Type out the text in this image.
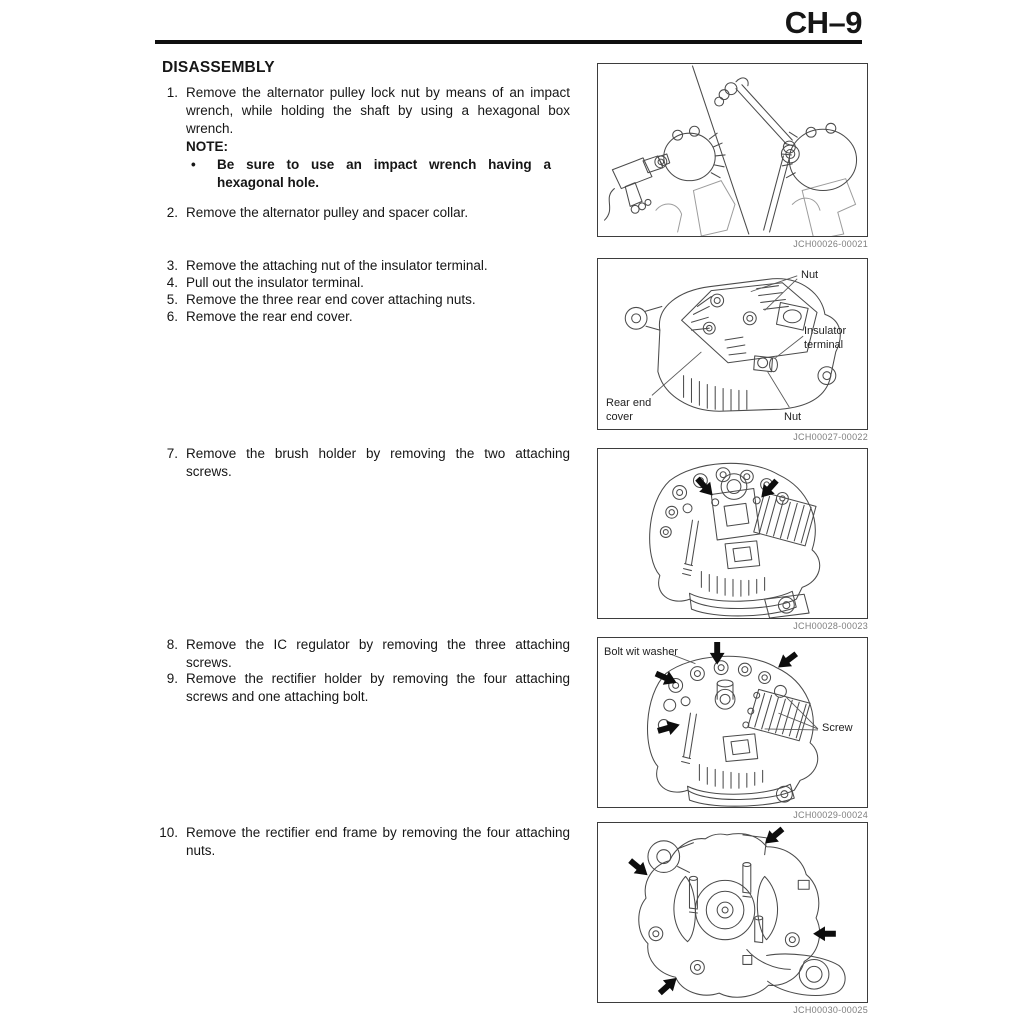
CH–9
DISASSEMBLY
1. Remove the alternator pulley lock nut by means of an impact wrench, while holding the shaft by using a hexagonal box wrench.
NOTE:
•	Be sure to use an impact wrench having a hexagonal hole.
2. Remove the alternator pulley and spacer collar.
3. Remove the attaching nut of the insulator terminal.
4. Pull out the insulator terminal.
5. Remove the three rear end cover attaching nuts.
6. Remove the rear end cover.
7. Remove the brush holder by removing the two attaching screws.
8. Remove the IC regulator by removing the three attaching screws.
9. Remove the rectifier holder by removing the four attaching screws and one attaching bolt.
10. Remove the rectifier end frame by removing the four attaching nuts.
JCH00026-00021
Nut
Insulator terminal
Rear end cover	Nut
JCH00027-00022
JCH00028-00023
Bolt wit washer
Screw
JCH00029-00024
JCH00030-00025
